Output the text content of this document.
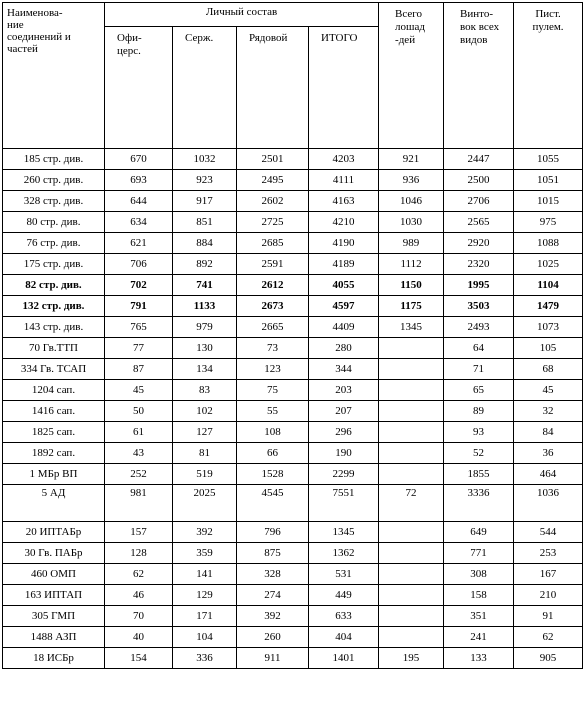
Наименова-
ние
соединений и
частей	Личный состав				Всего
лошад
-дей	Винто-
вок всех
видов	Пист.
пулем.
	Офи-
церс.	Серж.	Рядовой	ИТОГО			
185 стр. див.	670	1032	2501	4203	921	2447	1055
260 стр. див.	693	923	2495	4111	936	2500	1051
328 стр. див.	644	917	2602	4163	1046	2706	1015
80 стр. див.	634	851	2725	4210	1030	2565	975
76 стр. див.	621	884	2685	4190	989	2920	1088
175 стр. див.	706	892	2591	4189	1112	2320	1025
82 стр. див.	702	741	2612	4055	1150	1995	1104
132 стр. див.	791	1133	2673	4597	1175	3503	1479
143 стр. див.	765	979	2665	4409	1345	2493	1073
70 Гв.ТТП	77	130	73	280		64	105
334 Гв. ТСАП	87	134	123	344		71	68
1204 сап.	45	83	75	203		65	45
1416 сап.	50	102	55	207		89	32
1825 сап.	61	127	108	296		93	84
1892 сап.	43	81	66	190		52	36
1 МБр ВП	252	519	1528	2299		1855	464
5 АД	981	2025	4545	7551	72	3336	1036
20 ИПТАБр	157	392	796	1345		649	544
30 Гв. ПАБр	128	359	875	1362		771	253
460 ОМП	62	141	328	531		308	167
163 ИПТАП	46	129	274	449		158	210
305 ГМП	70	171	392	633		351	91
1488 АЗП	40	104	260	404		241	62
18 ИСБр	154	336	911	1401	195	133	905
